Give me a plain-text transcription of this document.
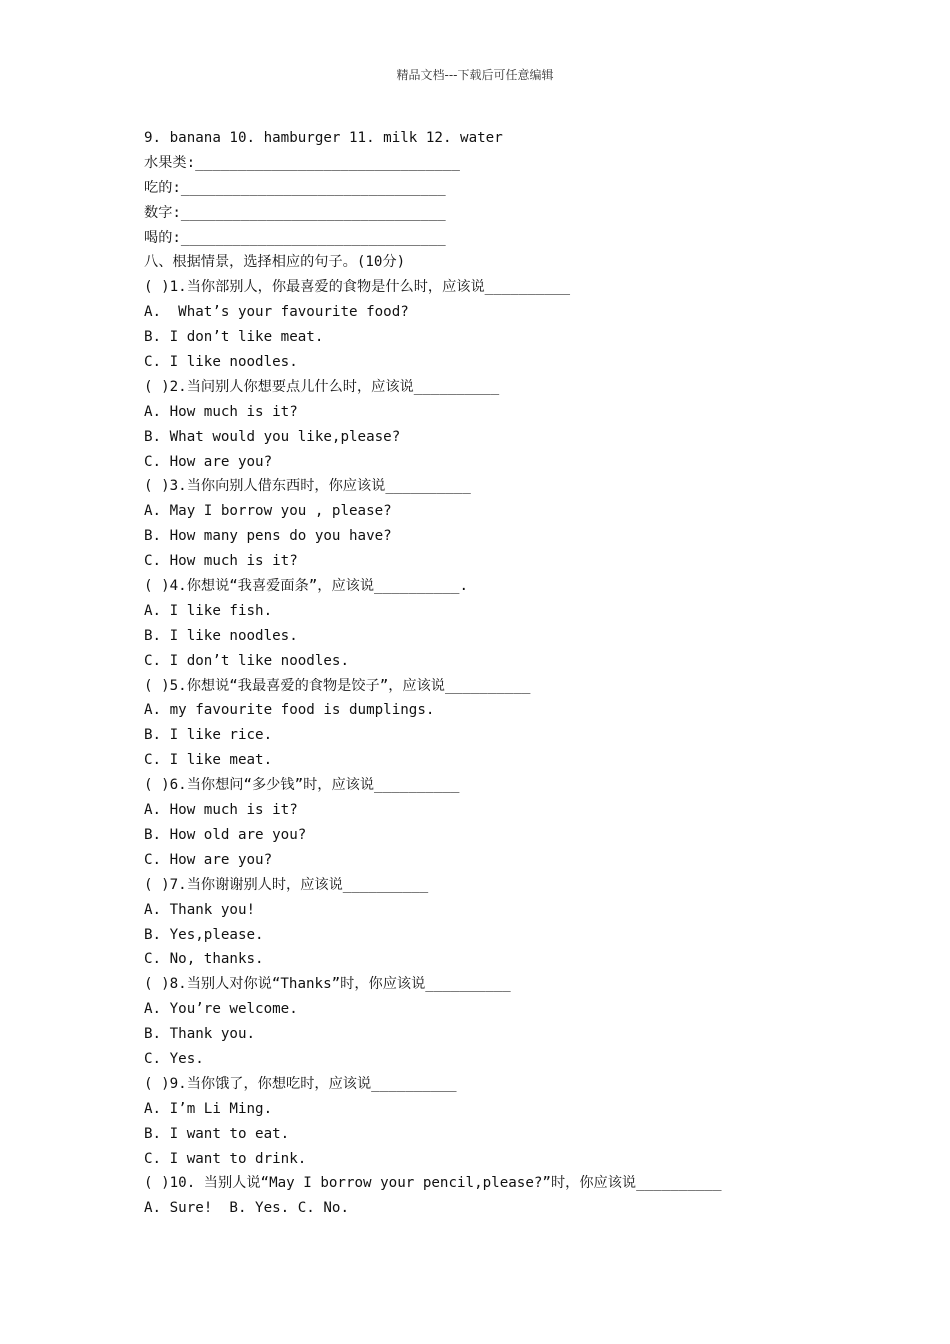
精品文档---下载后可任意编辑
9. banana 10. hamburger 11. milk 12. water
水果类:_______________________________
吃的:_______________________________
数字:_______________________________
喝的:_______________________________
八、根据情景，选择相应的句子。(10分)
( )1.当你部别人，你最喜爱的食物是什么时，应该说__________
A.  What’s your favourite food?
B. I don’t like meat.
C. I like noodles.
( )2.当问别人你想要点儿什么时，应该说__________
A. How much is it?
B. What would you like,please?
C. How are you?
( )3.当你向别人借东西时，你应该说__________
A. May I borrow you , please?
B. How many pens do you have?
C. How much is it?
( )4.你想说“我喜爱面条”，应该说__________.
A. I like fish.
B. I like noodles.
C. I don’t like noodles.
( )5.你想说“我最喜爱的食物是饺子”，应该说__________
A. my favourite food is dumplings.
B. I like rice.
C. I like meat.
( )6.当你想问“多少钱”时，应该说__________
A. How much is it?
B. How old are you?
C. How are you?
( )7.当你谢谢别人时，应该说__________
A. Thank you!
B. Yes,please.
C. No, thanks.
( )8.当别人对你说“Thanks”时，你应该说__________
A. You’re welcome.
B. Thank you.
C. Yes.
( )9.当你饿了，你想吃时，应该说__________
A. I’m Li Ming.
B. I want to eat.
C. I want to drink.
( )10. 当别人说“May I borrow your pencil,please?”时，你应该说__________
A. Sure!  B. Yes. C. No.
